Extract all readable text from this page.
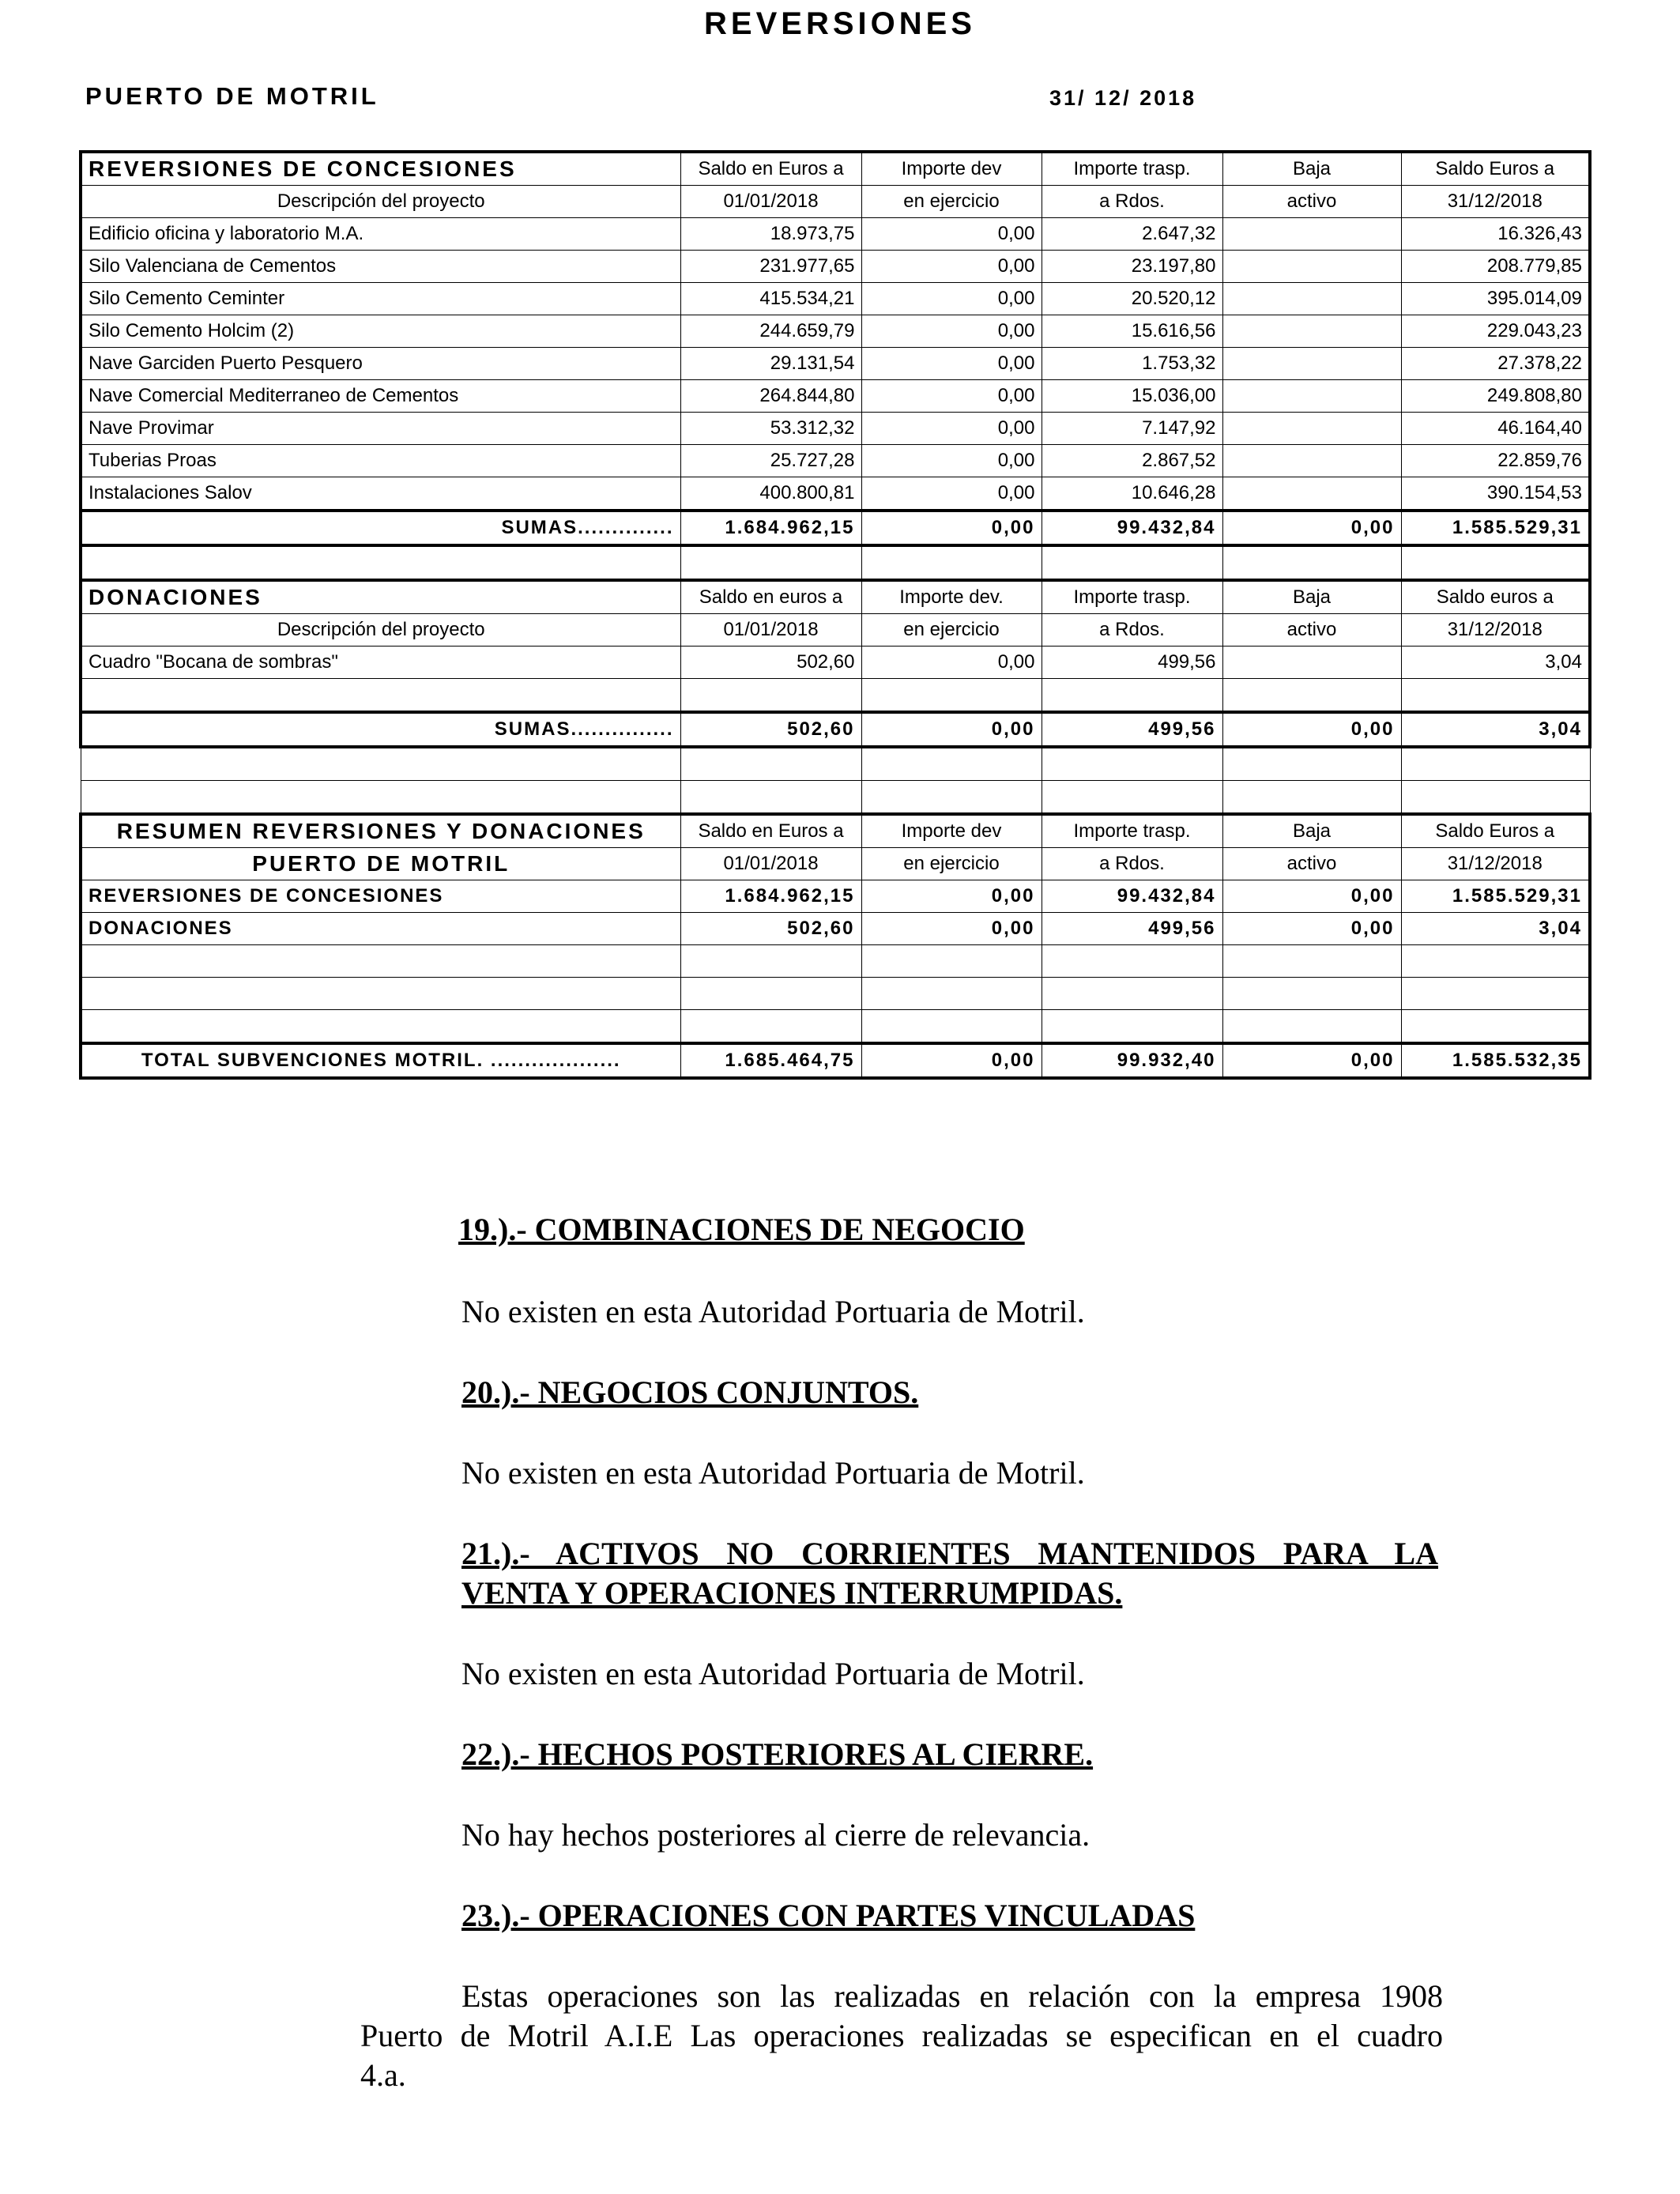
REVERSIONES
PUERTO DE MOTRIL	31/ 12/ 2018
REVERSIONES DE CONCESIONES	Saldo en Euros a	Importe dev	Importe trasp.	Baja	Saldo Euros a
Descripción del proyecto	01/01/2018	en ejercicio	a Rdos.	activo	31/12/2018
Edificio oficina y laboratorio M.A.	18.973,75	0,00	2.647,32		16.326,43
Silo Valenciana de Cementos	231.977,65	0,00	23.197,80		208.779,85
Silo Cemento Ceminter	415.534,21	0,00	20.520,12		395.014,09
Silo Cemento Holcim (2)	244.659,79	0,00	15.616,56		229.043,23
Nave Garciden Puerto Pesquero	29.131,54	0,00	1.753,32		27.378,22
Nave Comercial Mediterraneo de Cementos	264.844,80	0,00	15.036,00		249.808,80
Nave Provimar	53.312,32	0,00	7.147,92		46.164,40
Tuberias Proas	25.727,28	0,00	2.867,52		22.859,76
Instalaciones Salov	400.800,81	0,00	10.646,28		390.154,53
SUMAS..............	1.684.962,15	0,00	99.432,84	0,00	1.585.529,31

DONACIONES	Saldo en euros a	Importe dev.	Importe trasp.	Baja	Saldo euros a
Descripción del proyecto	01/01/2018	en ejercicio	a Rdos.	activo	31/12/2018
Cuadro "Bocana de sombras"	502,60	0,00	499,56		3,04

SUMAS...............	502,60	0,00	499,56	0,00	3,04

RESUMEN REVERSIONES Y DONACIONES	Saldo en Euros a	Importe dev	Importe trasp.	Baja	Saldo Euros a
PUERTO DE MOTRIL	01/01/2018	en ejercicio	a Rdos.	activo	31/12/2018
REVERSIONES DE CONCESIONES	1.684.962,15	0,00	99.432,84	0,00	1.585.529,31
DONACIONES	502,60	0,00	499,56	0,00	3,04

TOTAL SUBVENCIONES MOTRIL. ...................	1.685.464,75	0,00	99.932,40	0,00	1.585.532,35
19.).- COMBINACIONES DE NEGOCIO
No existen en esta Autoridad Portuaria de Motril.
20.).- NEGOCIOS CONJUNTOS.
No existen en esta Autoridad Portuaria de Motril.
21.).- ACTIVOS NO CORRIENTES MANTENIDOS PARA LA
VENTA Y OPERACIONES INTERRUMPIDAS.
No existen en esta Autoridad Portuaria de Motril.
22.).- HECHOS POSTERIORES AL CIERRE.
No hay hechos posteriores al cierre de relevancia.
23.).- OPERACIONES CON PARTES VINCULADAS
Estas operaciones son las realizadas en relación con la empresa 1908
Puerto de Motril A.I.E Las operaciones realizadas se especifican en el cuadro
4.a.
